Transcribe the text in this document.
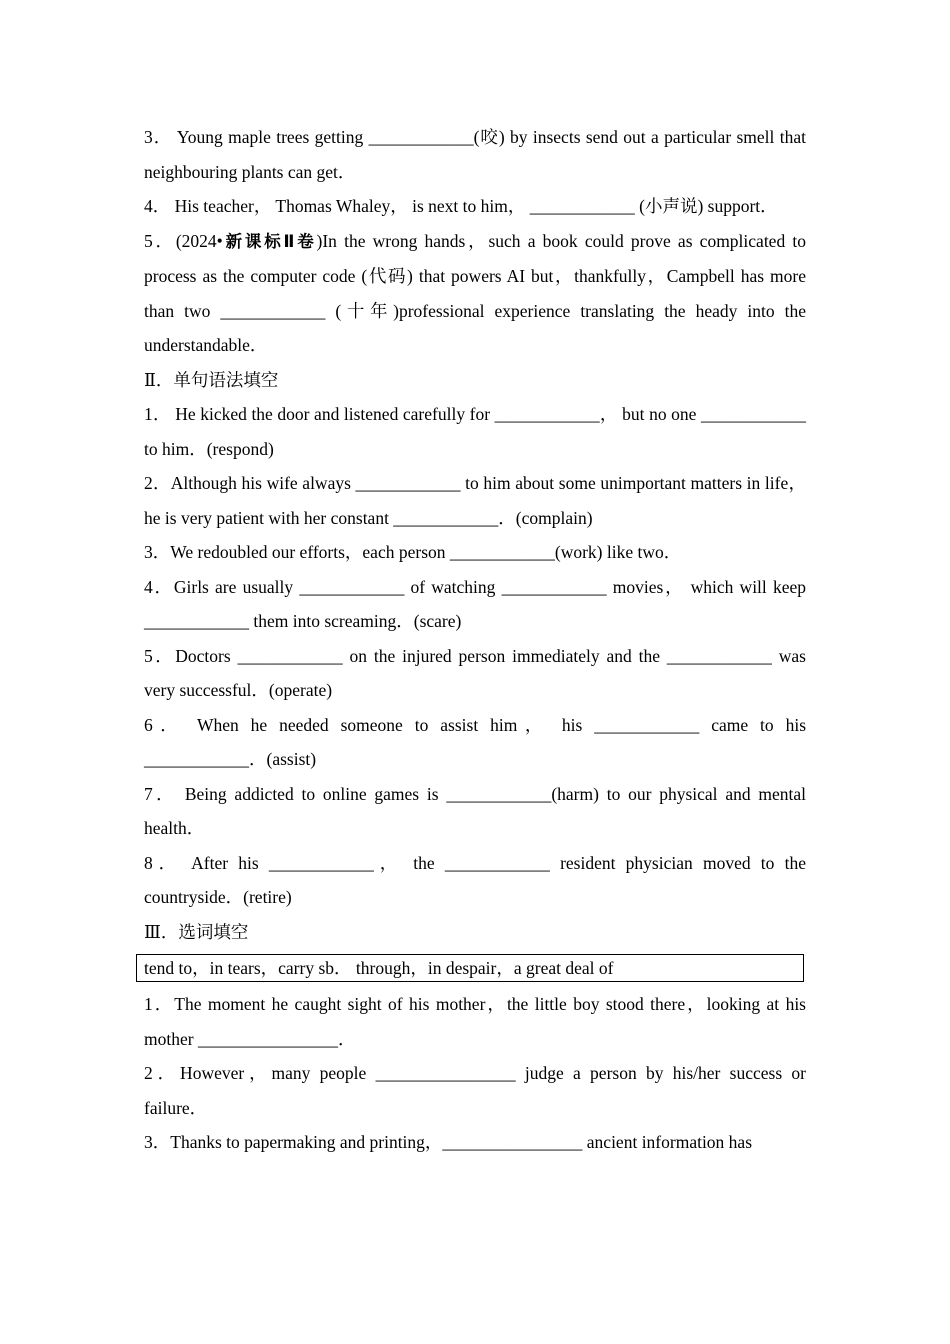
3． Young maple trees getting ____________(咬) by insects send out a particular smell that neighbouring plants can get．

4． His teacher， Thomas Whaley， is next to him， ____________ (小声说) support．

5．(2024•新课标Ⅱ卷)In the wrong hands，such a book could prove as complicated to process as the computer code (代码) that powers AI but，thankfully，Campbell has more than two ____________ (十年)professional experience translating the heady into the understandable．

Ⅱ．单句语法填空

1． He kicked the door and listened carefully for ____________， but no one ____________ to him．(respond)

2．Although his wife always ____________ to him about some unimportant matters in life，he is very patient with her constant ____________．(complain)

3．We redoubled our efforts，each person ____________(work) like two．

4．Girls are usually ____________ of watching ____________ movies， which will keep ____________ them into screaming．(scare)

5．Doctors ____________ on the injured person immediately and the ____________ was very successful．(operate)

6． When he needed someone to assist him， his ____________ came to his ____________．(assist)

7． Being addicted to online games is ____________(harm) to our physical and mental health．

8． After his ____________， the ____________ resident physician moved to the countryside．(retire)

Ⅲ．选词填空

tend to，in tears，carry sb． through，in despair，a great deal of

1．The moment he caught sight of his mother，the little boy stood there，looking at his mother ________________．

2．However，many people ________________ judge a person by his/her success or failure．

3．Thanks to papermaking and printing，________________ ancient information has
